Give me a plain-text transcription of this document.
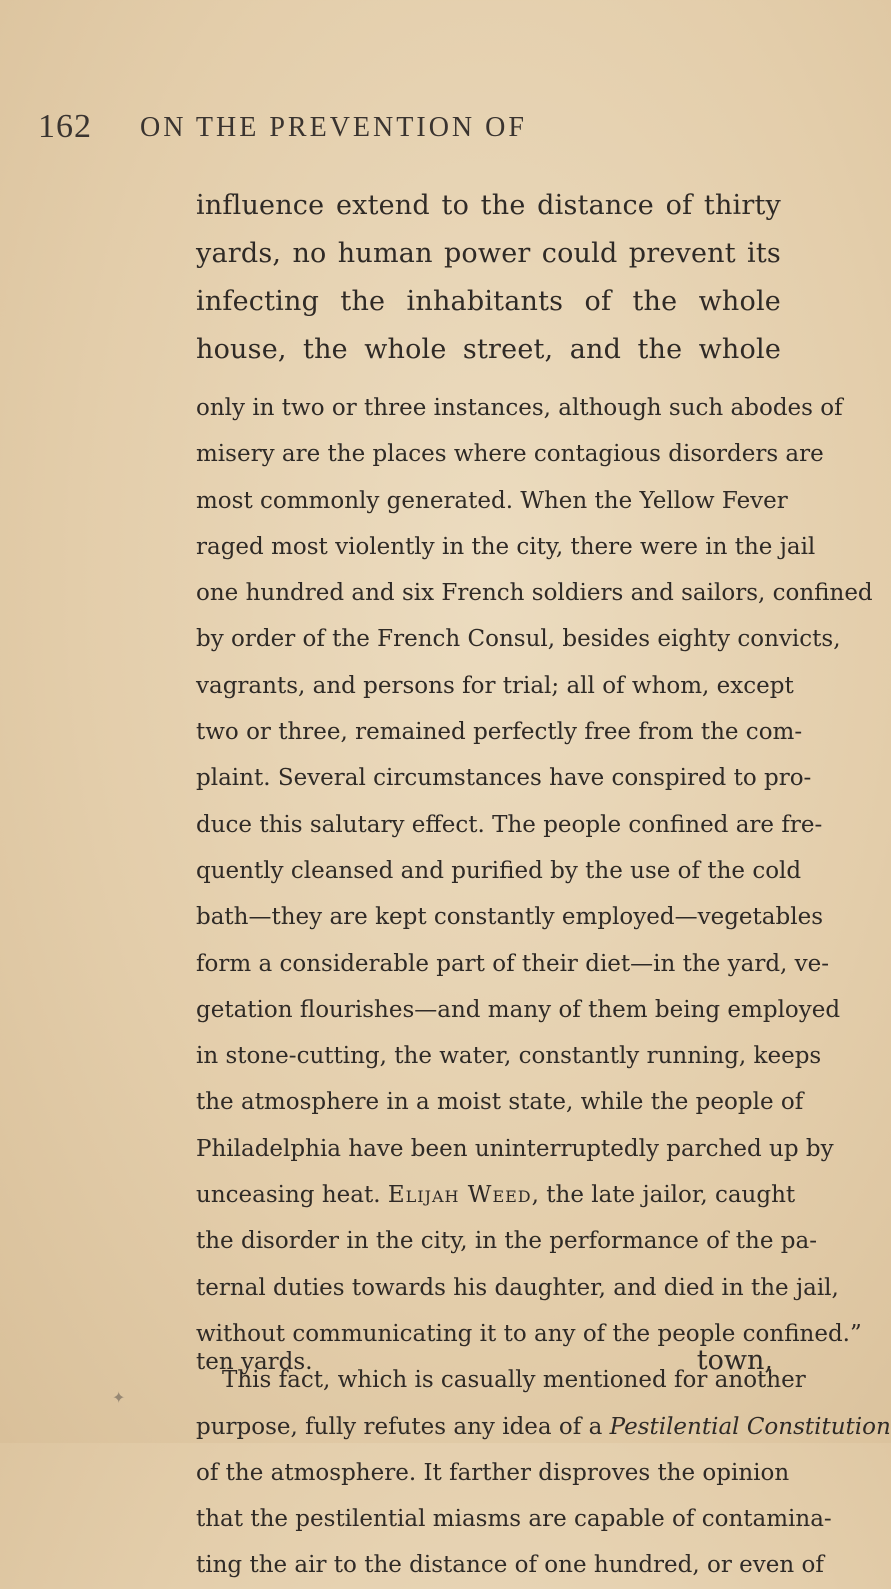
162 ON THE PREVENTION OF
influence extend to the distance of thirty
yards, no human power could prevent its
infecting the inhabitants of the whole
house, the whole street, and the whole
only in two or three instances, although such abodes of
misery are the places where contagious disorders are
most commonly generated. When the Yellow Fever
raged most violently in the city, there were in the jail
one hundred and six French soldiers and sailors, confined
by order of the French Consul, besides eighty convicts,
vagrants, and persons for trial; all of whom, except
two or three, remained perfectly free from the com-
plaint. Several circumstances have conspired to pro-
duce this salutary effect. The people confined are fre-
quently cleansed and purified by the use of the cold
bath—they are kept constantly employed—vegetables
form a considerable part of their diet—in the yard, ve-
getation flourishes—and many of them being employed
in stone-cutting, the water, constantly running, keeps
the atmosphere in a moist state, while the people of
Philadelphia have been uninterruptedly parched up by
unceasing heat. Elijah Weed, the late jailor, caught
the disorder in the city, in the performance of the pa-
ternal duties towards his daughter, and died in the jail,
without communicating it to any of the people confined.”
This fact, which is casually mentioned for another
purpose, fully refutes any idea of a Pestilential Constitution
of the atmosphere. It farther disproves the opinion
that the pestilential miasms are capable of contamina-
ting the air to the distance of one hundred, or even of
ten yards.	town,
✦
